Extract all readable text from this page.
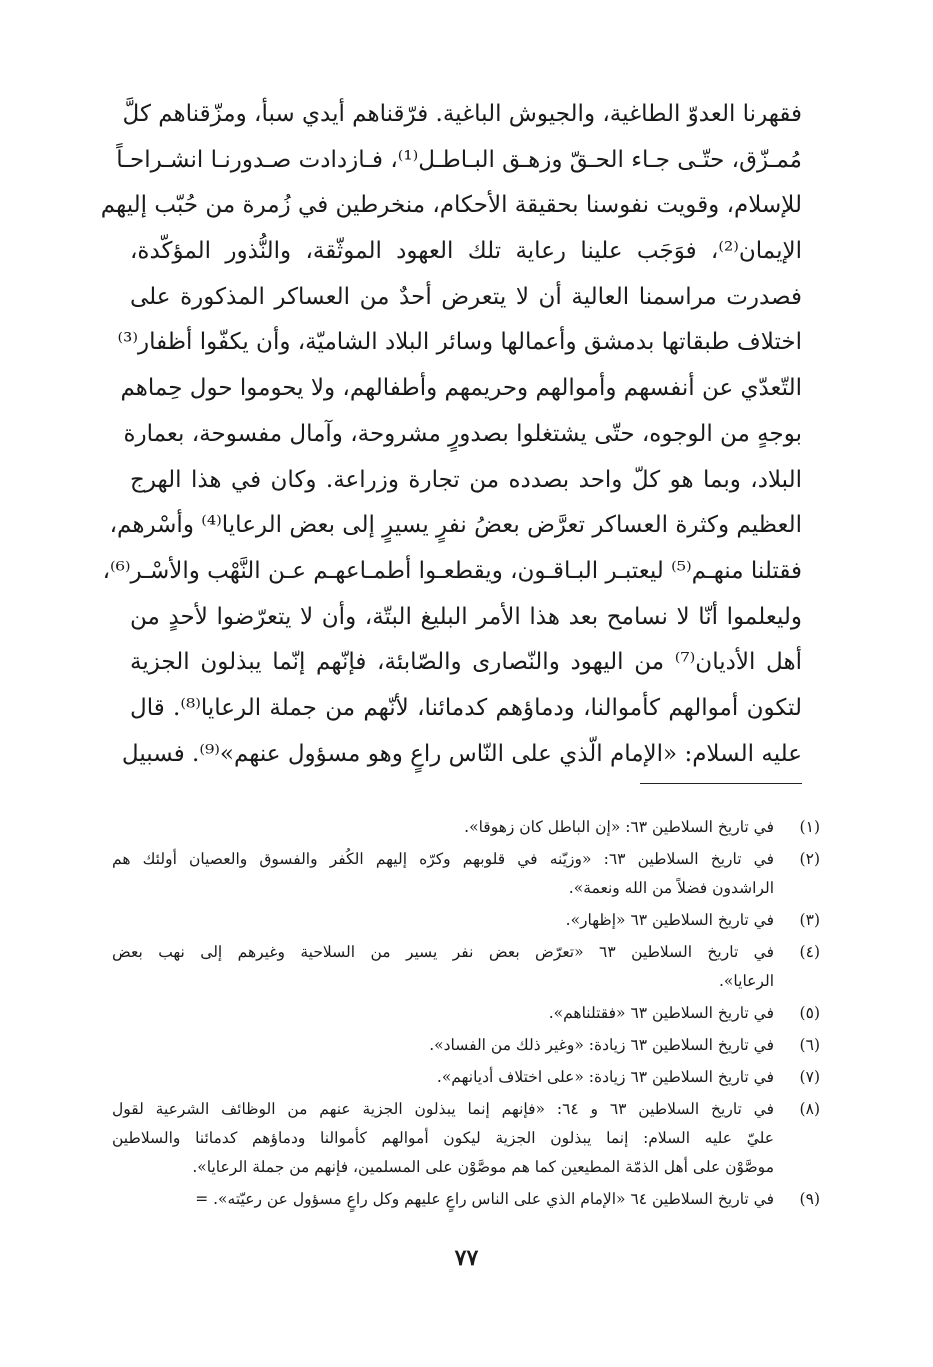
فقهرنا العدوّ الطاغية، والجيوش الباغية. فرّقناهم أيدي سبأ، ومزّقناهم كلَّ
مُمـزّق، حتّـى جـاء الحـقّ وزهـق البـاطـل⁽¹⁾، فـازدادت صـدورنـا انشـراحـاً
للإسلام، وقويت نفوسنا بحقيقة الأحكام، منخرطين في زُمرة من حُبّب إليهم
الإيمان⁽²⁾، فوَجَب علينا رعاية تلك العهود الموثّقة، والنُّذور المؤكّدة،
فصدرت مراسمنا العالية أن لا يتعرض أحدٌ من العساكر المذكورة على
اختلاف طبقاتها بدمشق وأعمالها وسائر البلاد الشاميّة، وأن يكفّوا أظفار⁽³⁾
التّعدّي عن أنفسهم وأموالهم وحريمهم وأطفالهم، ولا يحوموا حول حِماهم
بوجهٍ من الوجوه، حتّى يشتغلوا بصدورٍ مشروحة، وآمال مفسوحة، بعمارة
البلاد، وبما هو كلّ واحد بصدده من تجارة وزراعة. وكان في هذا الهرج
العظيم وكثرة العساكر تعرَّض بعضُ نفرٍ يسيرٍ إلى بعض الرعايا⁽⁴⁾ وأسْرهم،
فقتلنا منهـم⁽⁵⁾ ليعتبـر البـاقـون، ويقطعـوا أطمـاعهـم عـن النَّهْب والأسْـر⁽⁶⁾،
وليعلموا أنّا لا نسامح بعد هذا الأمر البليغ البتّة، وأن لا يتعرّضوا لأحدٍ من
أهل الأديان⁽⁷⁾ من اليهود والنّصارى والصّابئة، فإنّهم إنّما يبذلون الجزية
لتكون أموالهم كأموالنا، ودماؤهم كدمائنا، لأنّهم من جملة الرعايا⁽⁸⁾. قال
عليه السلام: «الإمام الّذي على النّاس راعٍ وهو مسؤول عنهم»⁽⁹⁾. فسبيل
(١)
في تاريخ السلاطين ٦٣: «إن الباطل كان زهوقا».
(٢)
في تاريخ السلاطين ٦٣: «وزيّنه في قلوبهم وكرّه إليهم الكُفر والفسوق والعصيان أولئك هم
الراشدون فضلاً من الله ونعمة».
(٣)
في تاريخ السلاطين ٦٣ «إظهار».
(٤)
في تاريخ السلاطين ٦٣ «تعرّض بعض نفر يسير من السلاحية وغيرهم إلى نهب بعض
الرعايا».
(٥)
في تاريخ السلاطين ٦٣ «فقتلناهم».
(٦)
في تاريخ السلاطين ٦٣ زيادة: «وغير ذلك من الفساد».
(٧)
في تاريخ السلاطين ٦٣ زيادة: «على اختلاف أديانهم».
(٨)
في تاريخ السلاطين ٦٣ و ٦٤: «فإنهم إنما يبذلون الجزية عنهم من الوظائف الشرعية لقول
عليّ عليه السلام: إنما يبذلون الجزية ليكون أموالهم كأموالنا ودماؤهم كدمائنا والسلاطين
موصَّوْن على أهل الذمّة المطيعين كما هم موصَّوْن على المسلمين، فإنهم من جملة الرعايا».
(٩)
في تاريخ السلاطين ٦٤ «الإمام الذي على الناس راعٍ عليهم وكل راعٍ مسؤول عن رعيّته». =
٧٧
